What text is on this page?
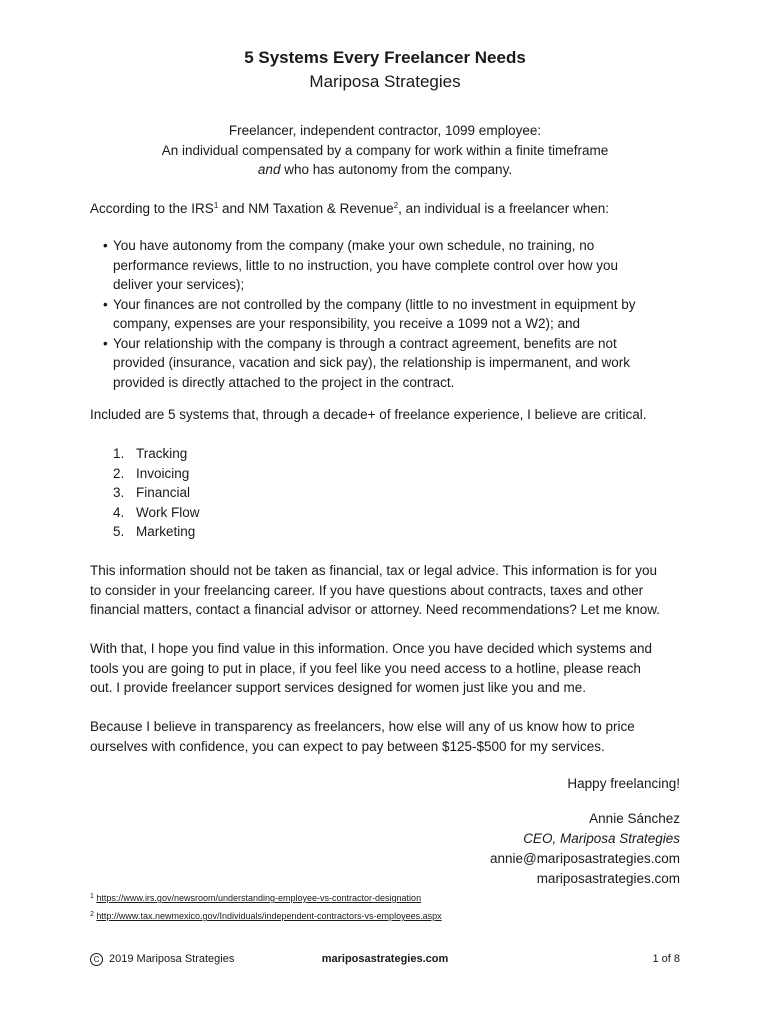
5 Systems Every Freelancer Needs
Mariposa Strategies
Freelancer, independent contractor, 1099 employee:
An individual compensated by a company for work within a finite timeframe
and who has autonomy from the company.
According to the IRS$^1$ and NM Taxation & Revenue$^2$, an individual is a freelancer when:
• You have autonomy from the company (make your own schedule, no training, no
performance reviews, little to no instruction, you have complete control over how you
deliver your services);
• Your finances are not controlled by the company (little to no investment in equipment by
company, expenses are your responsibility, you receive a 1099 not a W2); and
• Your relationship with the company is through a contract agreement, benefits are not
provided (insurance, vacation and sick pay), the relationship is impermanent, and work
provided is directly attached to the project in the contract.
Included are 5 systems that, through a decade+ of freelance experience, I believe are critical.
1. Tracking
2. Invoicing
3. Financial
4. Work Flow
5. Marketing
This information should not be taken as financial, tax or legal advice. This information is for you
to consider in your freelancing career. If you have questions about contracts, taxes and other
financial matters, contact a financial advisor or attorney. Need recommendations? Let me know.
With that, I hope you find value in this information. Once you have decided which systems and
tools you are going to put in place, if you feel like you need access to a hotline, please reach
out. I provide freelancer support services designed for women just like you and me.
Because I believe in transparency as freelancers, how else will any of us know how to price
ourselves with confidence, you can expect to pay between $125-$500 for my services.
Happy freelancing!
Annie Sánchez
CEO, Mariposa Strategies
annie@mariposastrategies.com
mariposastrategies.com
$^1$ https://www.irs.gov/newsroom/understanding-employee-vs-contractor-designation
$^2$ http://www.tax.newmexico.gov/Individuals/independent-contractors-vs-employees.aspx
C 2019 Mariposa Strategies	mariposastrategies.com	1 of 8
